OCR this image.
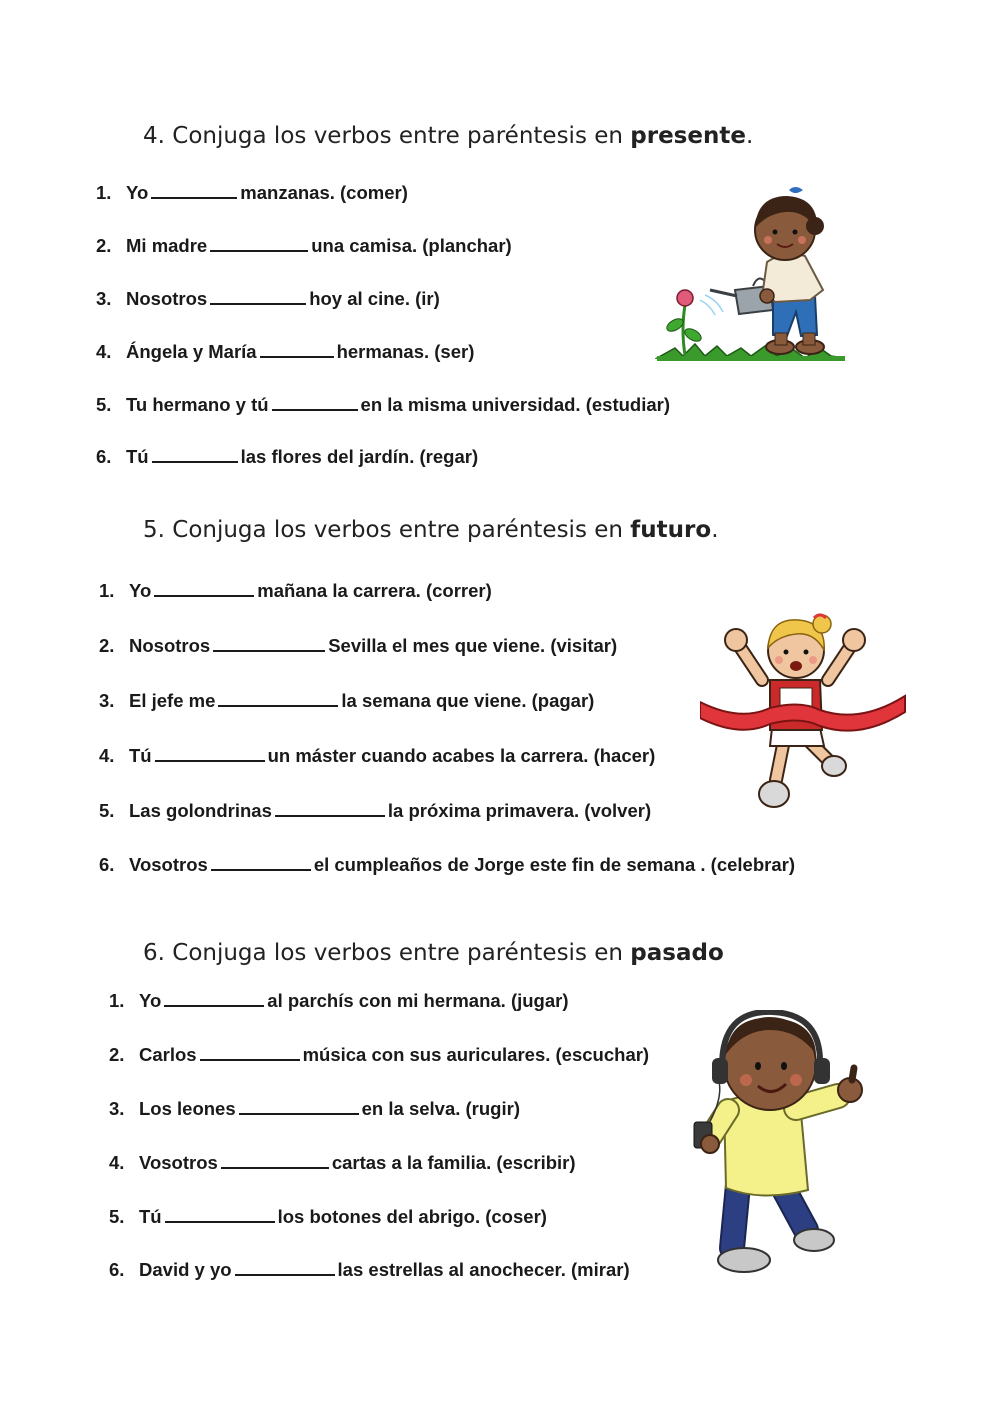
4. Conjuga los verbos entre paréntesis en presente.
1. Yo	manzanas. (comer)
2. Mi madre	una camisa. (planchar)
3. Nosotros	hoy al cine. (ir)
4. Ángela y María	hermanas. (ser)
5. Tu hermano y tú	en la misma universidad. (estudiar)
6. Tú	las flores del jardín. (regar)
5. Conjuga los verbos entre paréntesis en futuro.
1. Yo	mañana la carrera. (correr)
2. Nosotros	Sevilla el mes que viene. (visitar)
3. El jefe me	la semana que viene. (pagar)
4. Tú	un máster cuando acabes la carrera. (hacer)
5. Las golondrinas	la próxima primavera. (volver)
6. Vosotros	el cumpleaños de Jorge este fin de semana . (celebrar)
6. Conjuga los verbos entre paréntesis en pasado
1. Yo	al parchís con mi hermana. (jugar)
2. Carlos	música con sus auriculares. (escuchar)
3. Los leones	en la selva. (rugir)
4. Vosotros	cartas a la familia. (escribir)
5. Tú	los botones del abrigo. (coser)
6. David y yo	las estrellas al anochecer. (mirar)
